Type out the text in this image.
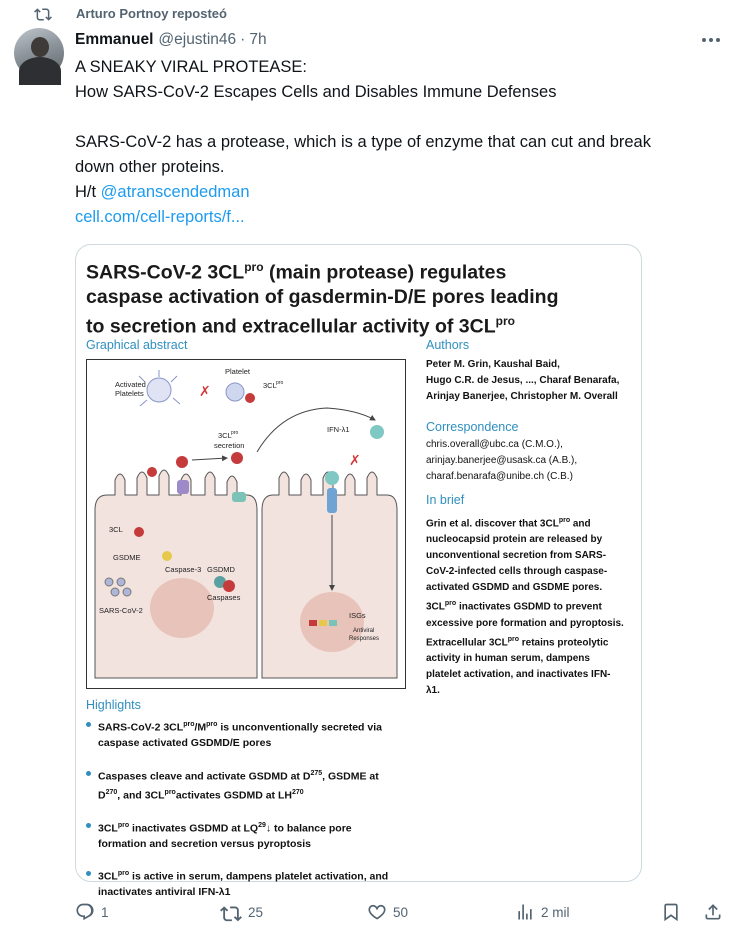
Arturo Portnoy reposteó
Emmanuel @ejustin46 · 7h
A SNEAKY VIRAL PROTEASE:
How SARS-CoV-2 Escapes Cells and Disables Immune Defenses
SARS-CoV-2 has a protease, which is a type of enzyme that can cut and break
down other proteins.
H/t @atranscendedman
cell.com/cell-reports/f...
SARS-CoV-2 $3CL^{pro}$ (main protease) regulates
caspase activation of gasdermin-D/E pores leading
to secretion and extracellular activity of $3CL^{pro}$
Graphical abstract
Activated
Platelets	✗
Platelet
3CL pro
3CL pro
secretion
IFN-λ1
✗
3CL
GSDME
Caspase-3 GSDMD
Caspases
SARS-CoV-2
ISGs
Antiviral
Responses
Authors
Peter M. Grin, Kaushal Baid,
Hugo C.R. de Jesus, ..., Charaf Benarafa,
Arinjay Banerjee, Christopher M. Overall
Correspondence
chris.overall@ubc.ca (C.M.O.),
arinjay.banerjee@usask.ca (A.B.),
charaf.benarafa@unibe.ch (C.B.)
In brief
Grin et al. discover that $3CL^{pro}$ and
nucleocapsid protein are released by
unconventional secretion from SARS-
CoV-2-infected cells through caspase-
activated GSDMD and GSDME pores.
$3CL^{pro}$ inactivates GSDMD to prevent
excessive pore formation and pyroptosis.
Extracellular $3CL^{pro}$ retains proteolytic
activity in human serum, dampens
platelet activation, and inactivates IFN-
λ1.
Highlights
SARS-CoV-2 $3CL^{pro}/M^{pro}$ is unconventionally secreted via
caspase activated GSDMD/E pores
Caspases cleave and activate GSDMD at $D^{275}$, GSDME at
$D^{270}$, and $3CL^{pro}activates$ GSDMD at LH$^{270}$
$3CL^{pro}$ inactivates GSDMD at LQ$^{29}$↓ to balance pore
formation and secretion versus pyroptosis
$3CL^{pro}$ is active in serum, dampens platelet activation, and
inactivates antiviral IFN-λ1
1	25	50	2 mil
